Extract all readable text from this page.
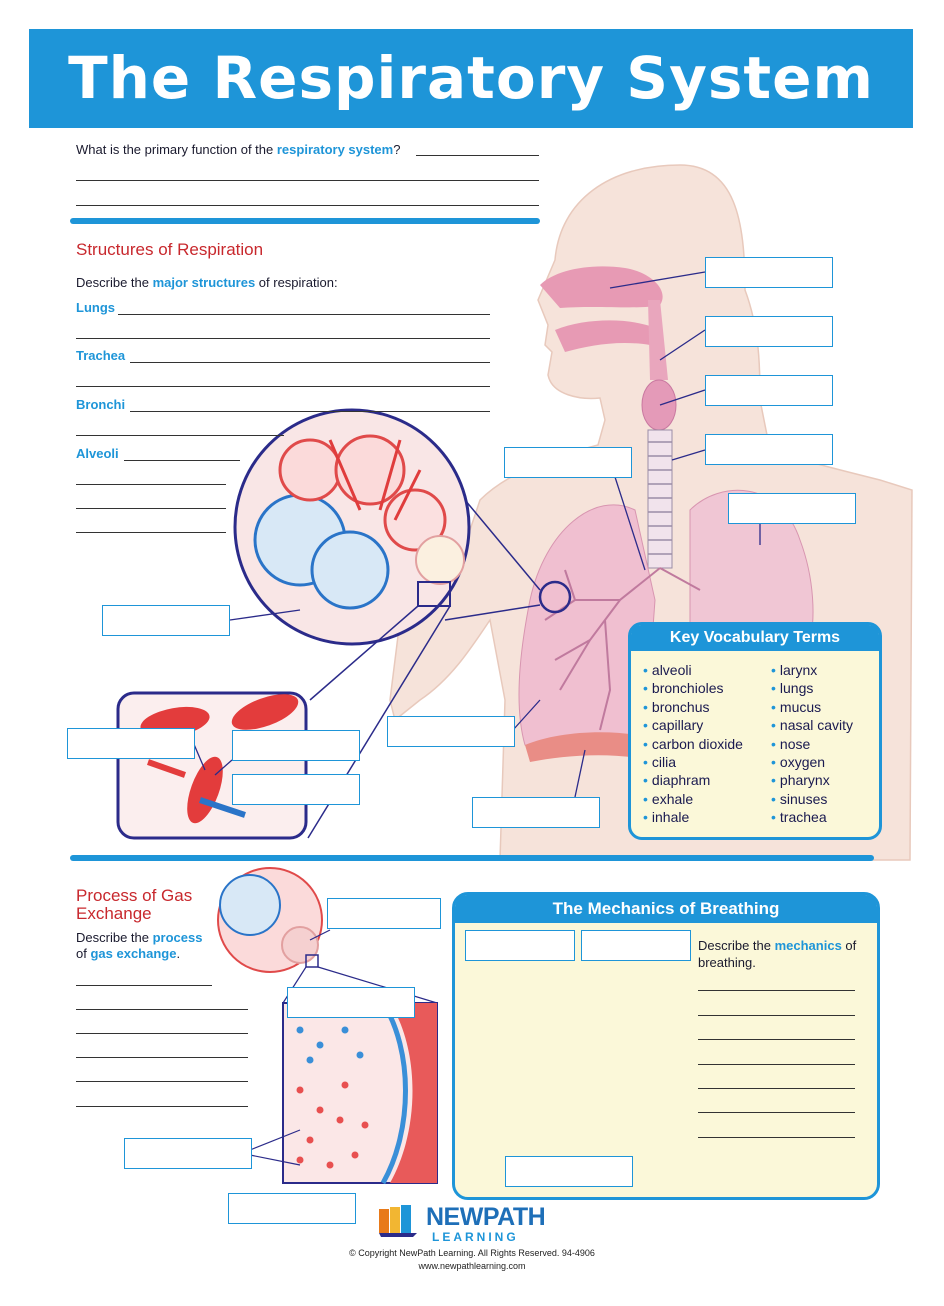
The Respiratory System
What is the primary function of the respiratory system?
Structures of Respiration
Describe the major structures of respiration:
Lungs
Trachea
Bronchi
Alveoli
Key Vocabulary Terms
• alveoli
• bronchioles
• bronchus
• capillary
• carbon dioxide
• cilia
• diaphram
• exhale
• inhale
• larynx
• lungs
• mucus
• nasal cavity
• nose
• oxygen
• pharynx
• sinuses
• trachea
Process of Gas
Exchange
Describe the process
of gas exchange.
The Mechanics of Breathing
Describe the mechanics of
breathing.
NEWPATH
LEARNING
© Copyright NewPath Learning. All Rights Reserved. 94-4906
www.newpathlearning.com
